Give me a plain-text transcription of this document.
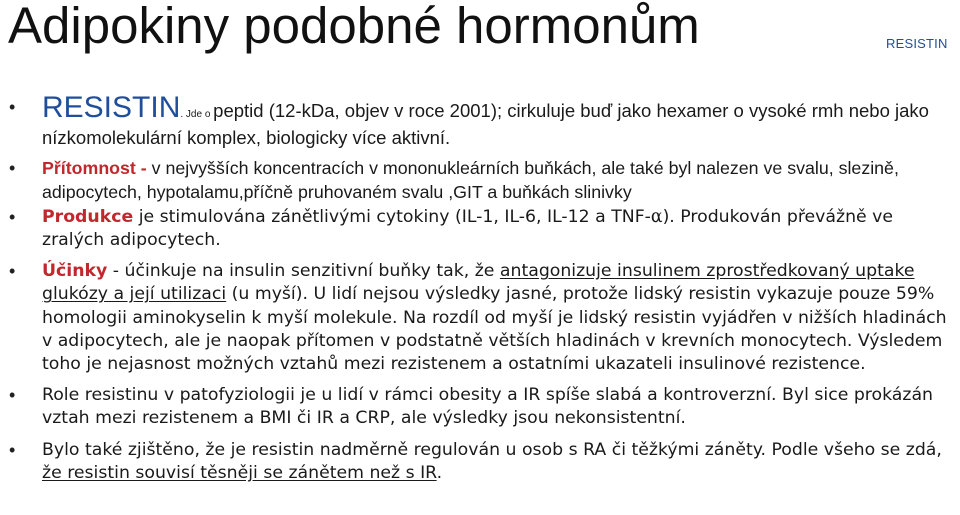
Adipokiny podobné hormonům	RESISTIN
• RESISTIN. Jde o peptid (12-kDa, objev v roce 2001); cirkuluje buď jako hexamer o vysoké rmh nebo jako nízkomolekulární komplex, biologicky více aktivní.
• Přítomnost - v nejvyšších koncentracích v mononukleárních buňkách, ale také byl nalezen ve svalu, slezině, adipocytech, hypotalamu,příčně pruhovaném svalu ,GIT a buňkách slinivky
• Produkce je stimulována zánětlivými cytokiny (IL-1, IL-6, IL-12 a TNF-α). Produkován převážně ve zralých adipocytech.
• Účinky - účinkuje na insulin senzitivní buňky tak, že antagonizuje insulinem zprostředkovaný uptake glukózy a její utilizaci (u myší). U lidí nejsou výsledky jasné, protože lidský resistin vykazuje pouze 59% homologii aminokyselin k myší molekule. Na rozdíl od myší je lidský resistin vyjádřen v nižších hladinách v adipocytech, ale je naopak přítomen v podstatně větších hladinách v krevních monocytech. Výsledem toho je nejasnost možných vztahů mezi rezistenem a ostatními ukazateli insulinové rezistence.
• Role resistinu v patofyziologii je u lidí v rámci obesity a IR spíše slabá a kontroverzní. Byl sice prokázán vztah mezi rezistenem a BMI či IR a CRP, ale výsledky jsou nekonsistentní.
• Bylo také zjištěno, že je resistin nadměrně regulován u osob s RA či těžkými záněty. Podle všeho se zdá, že resistin souvisí těsněji se zánětem než s IR.
